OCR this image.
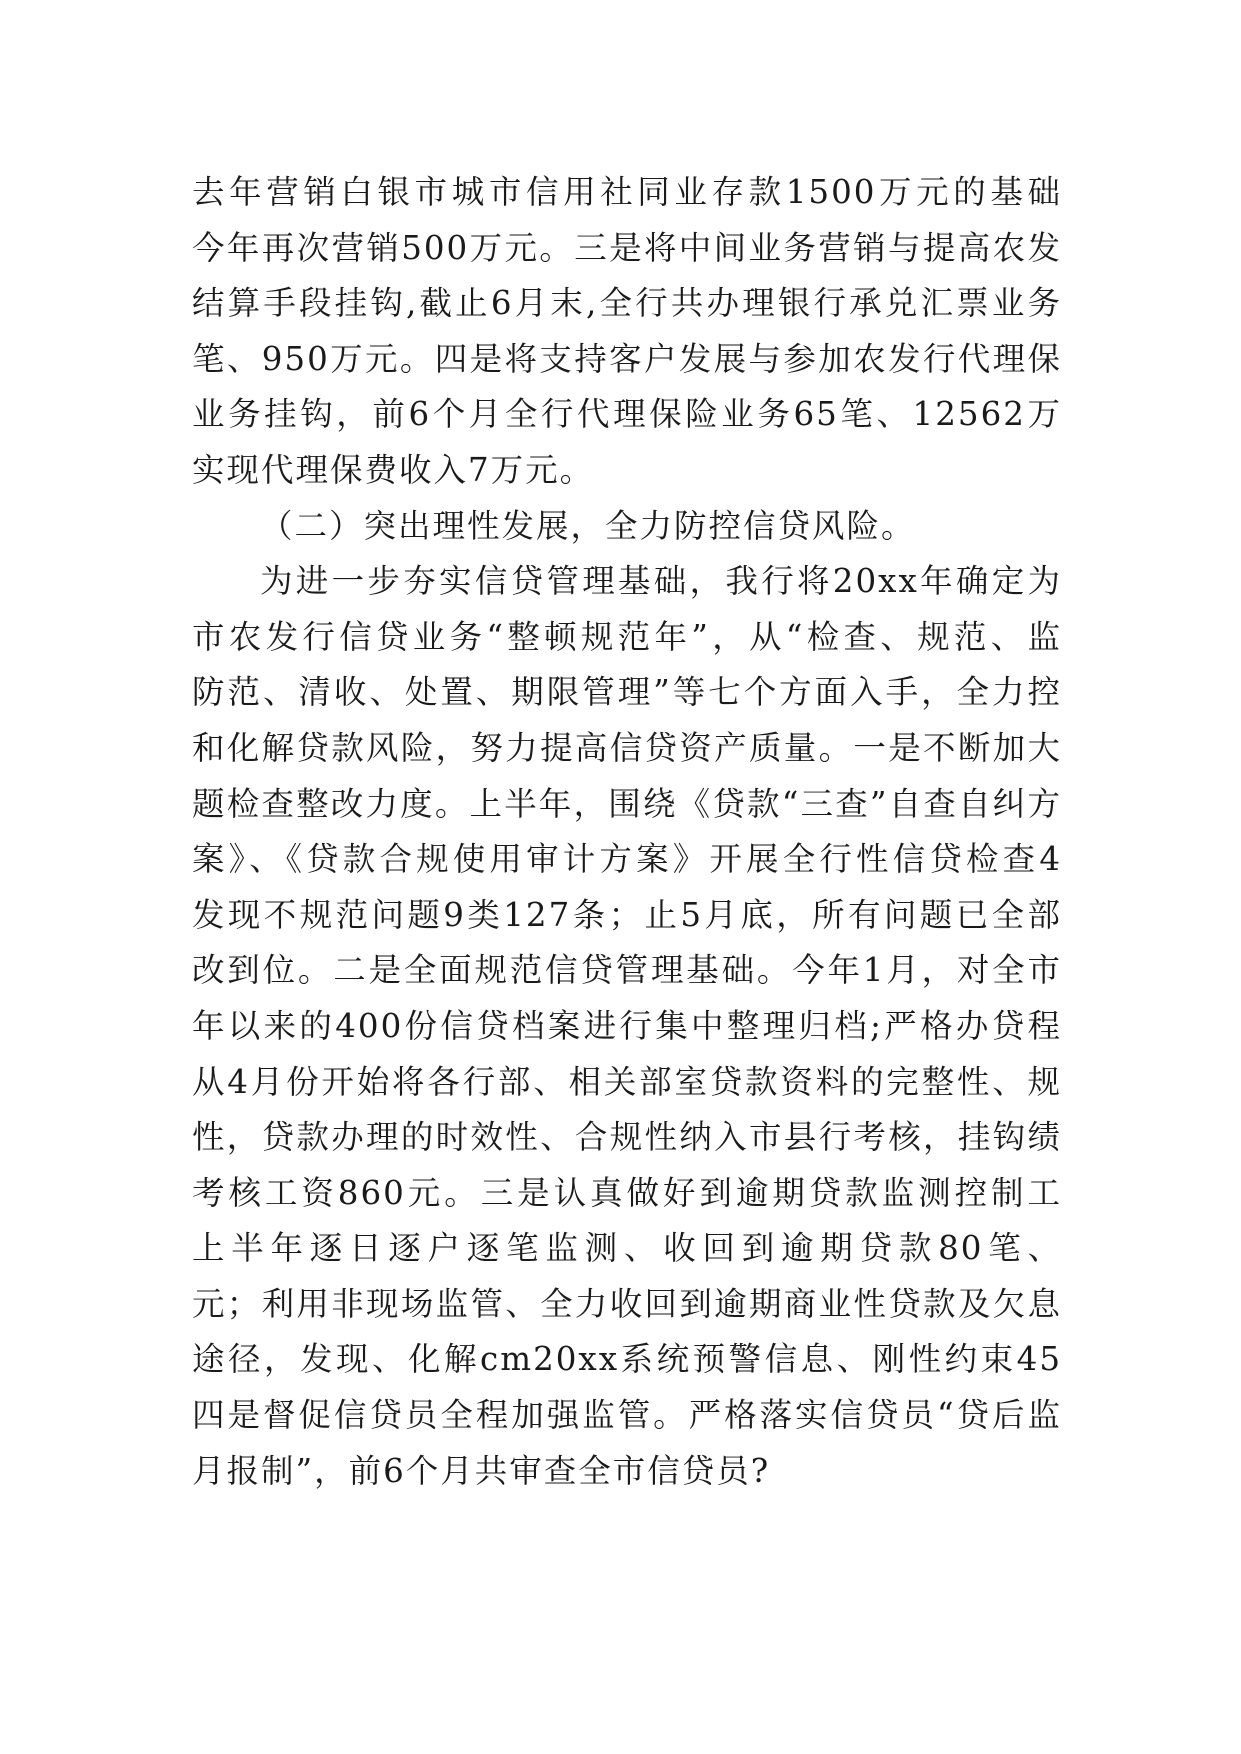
去年营销白银市城市信用社同业存款1500万元的基础
今年再次营销500万元。三是将中间业务营销与提高农发
结算手段挂钩,截止6月末,全行共办理银行承兑汇票业务
笔、950万元。四是将支持客户发展与参加农发行代理保
业务挂钩，前6个月全行代理保险业务65笔、12562万
实现代理保费收入7万元。
（二）突出理性发展，全力防控信贷风险。
为进一步夯实信贷管理基础，我行将20xx年确定为
市农发行信贷业务“整顿规范年”，从“检查、规范、监
防范、清收、处置、期限管理”等七个方面入手，全力控
和化解贷款风险，努力提高信贷资产质量。一是不断加大
题检查整改力度。上半年，围绕《贷款“三查”自查自纠方
案》、《贷款合规使用审计方案》开展全行性信贷检查4
发现不规范问题9类127条；止5月底，所有问题已全部
改到位。二是全面规范信贷管理基础。今年1月，对全市
年以来的400份信贷档案进行集中整理归档;严格办贷程
从4月份开始将各行部、相关部室贷款资料的完整性、规
性，贷款办理的时效性、合规性纳入市县行考核，挂钩绩
考核工资860元。三是认真做好到逾期贷款监测控制工
上半年逐日逐户逐笔监测、收回到逾期贷款80笔、
元；利用非现场监管、全力收回到逾期商业性贷款及欠息
途径，发现、化解cm20xx系统预警信息、刚性约束45
四是督促信贷员全程加强监管。严格落实信贷员“贷后监
月报制”，前6个月共审查全市信贷员?
